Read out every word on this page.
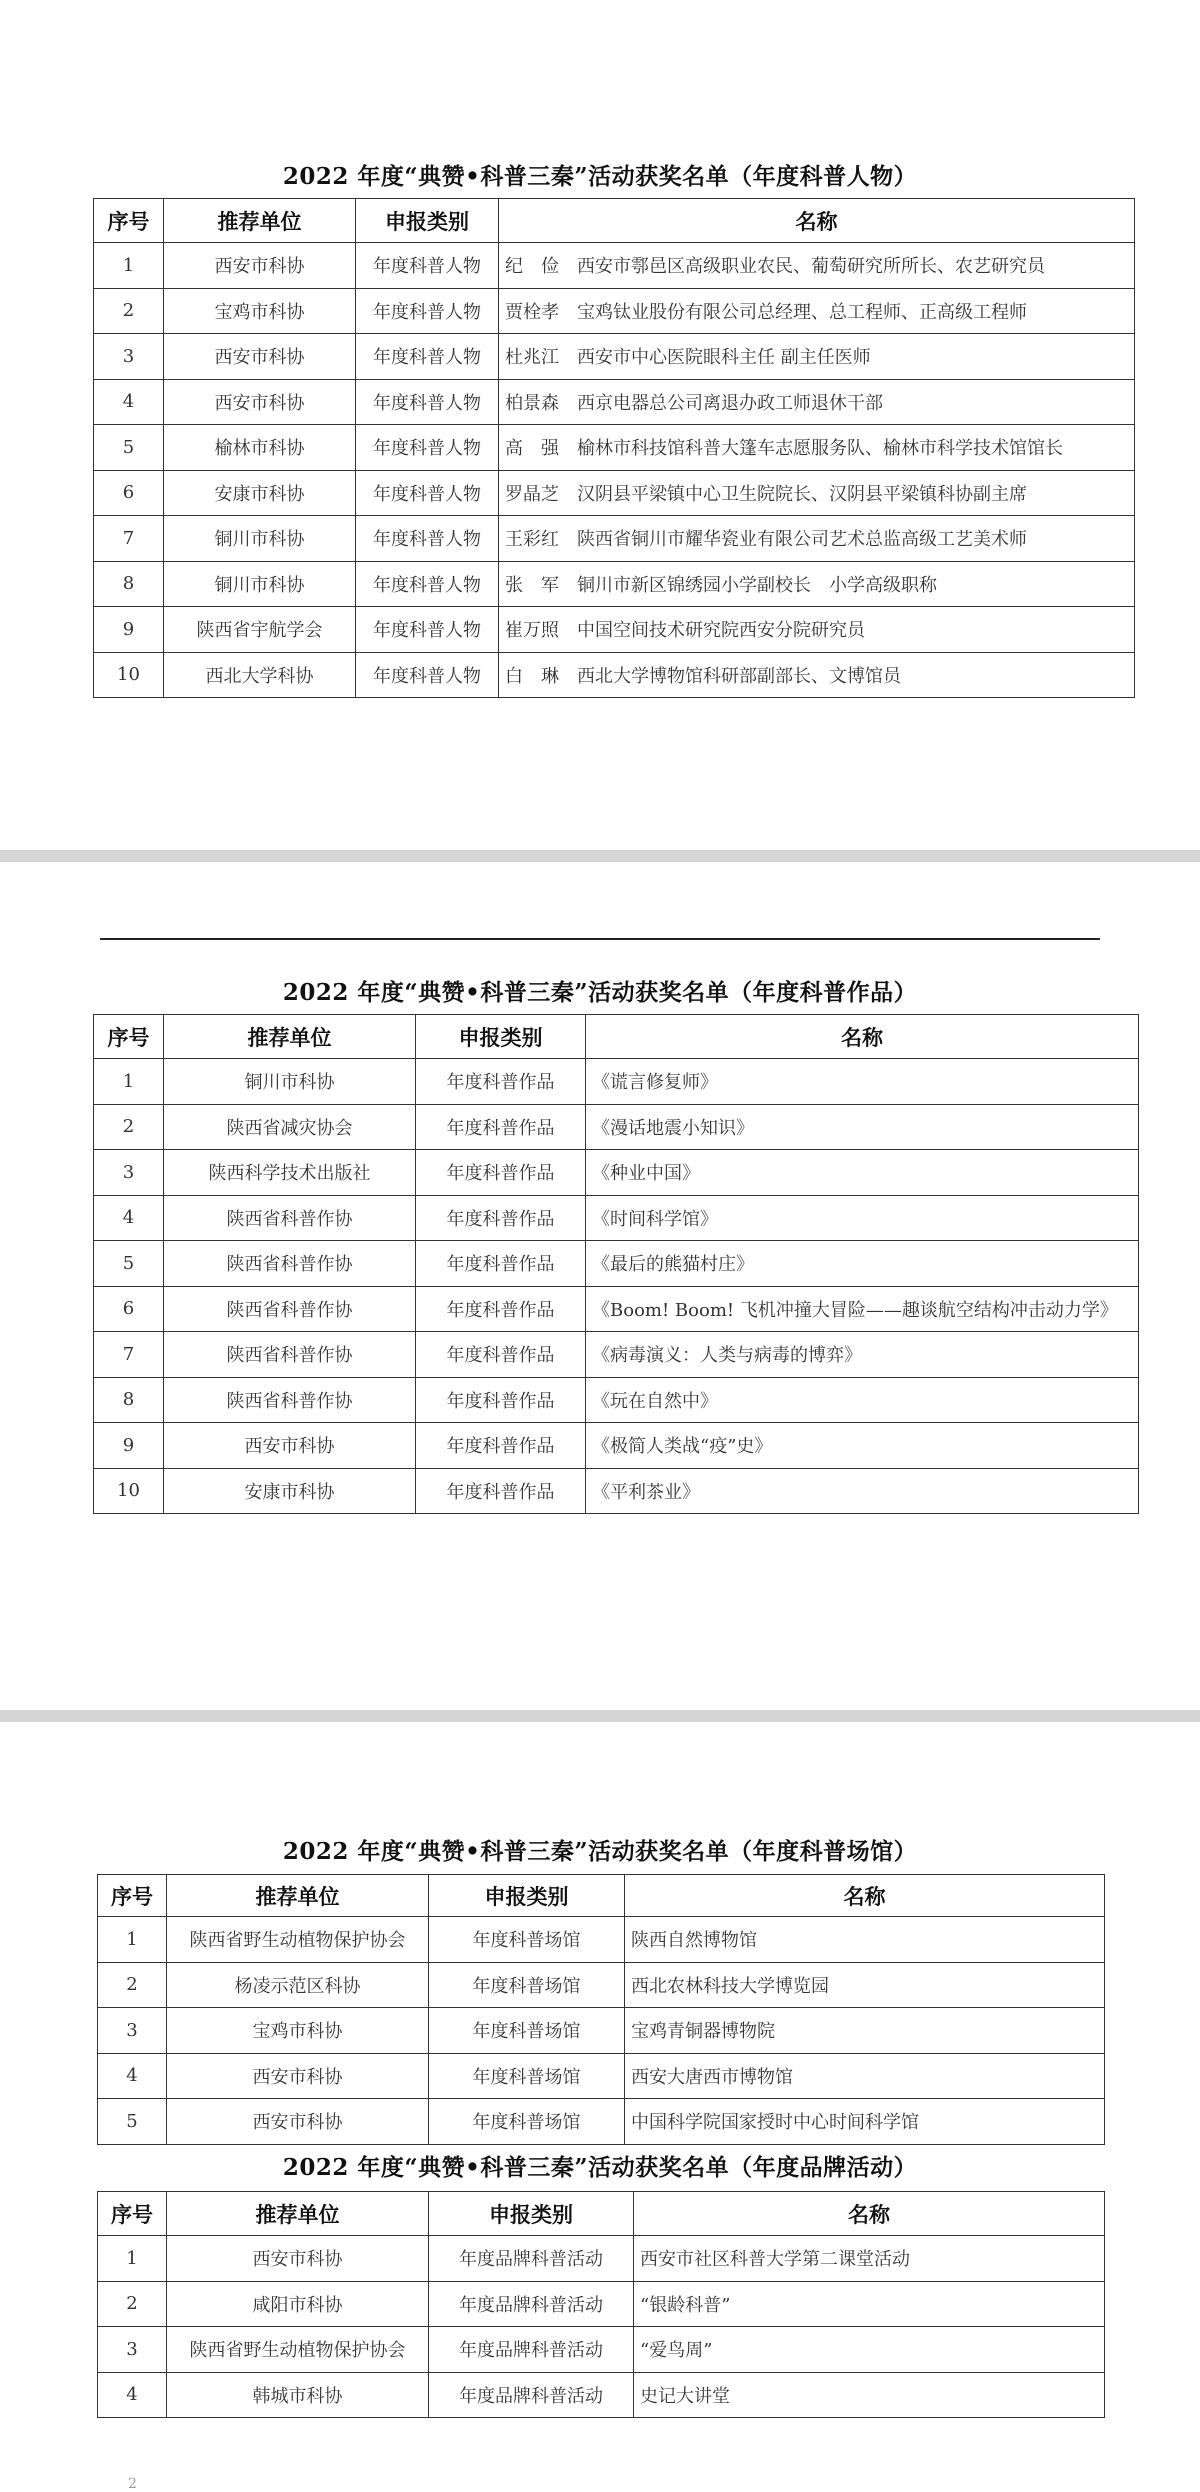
2022 年度“典赞•科普三秦”活动获奖名单（年度科普人物）
序号	推荐单位	申报类别	名称
1	西安市科协	年度科普人物	纪　俭 西安市鄠邑区高级职业农民、葡萄研究所所长、农艺研究员
2	宝鸡市科协	年度科普人物	贾栓孝 宝鸡钛业股份有限公司总经理、总工程师、正高级工程师
3	西安市科协	年度科普人物	杜兆江 西安市中心医院眼科主任 副主任医师
4	西安市科协	年度科普人物	柏景森 西京电器总公司离退办政工师退休干部
5	榆林市科协	年度科普人物	高　强 榆林市科技馆科普大篷车志愿服务队、榆林市科学技术馆馆长
6	安康市科协	年度科普人物	罗晶芝 汉阴县平梁镇中心卫生院院长、汉阴县平梁镇科协副主席
7	铜川市科协	年度科普人物	王彩红 陕西省铜川市耀华瓷业有限公司艺术总监高级工艺美术师
8	铜川市科协	年度科普人物	张　军 铜川市新区锦绣园小学副校长　小学高级职称
9	陕西省宇航学会	年度科普人物	崔万照 中国空间技术研究院西安分院研究员
10	西北大学科协	年度科普人物	白　琳 西北大学博物馆科研部副部长、文博馆员
2022 年度“典赞•科普三秦”活动获奖名单（年度科普作品）
序号	推荐单位	申报类别	名称
1	铜川市科协	年度科普作品	《谎言修复师》
2	陕西省减灾协会	年度科普作品	《漫话地震小知识》
3	陕西科学技术出版社	年度科普作品	《种业中国》
4	陕西省科普作协	年度科普作品	《时间科学馆》
5	陕西省科普作协	年度科普作品	《最后的熊猫村庄》
6	陕西省科普作协	年度科普作品	《Boom! Boom! 飞机冲撞大冒险——趣谈航空结构冲击动力学》
7	陕西省科普作协	年度科普作品	《病毒演义：人类与病毒的博弈》
8	陕西省科普作协	年度科普作品	《玩在自然中》
9	西安市科协	年度科普作品	《极简人类战“疫”史》
10	安康市科协	年度科普作品	《平利茶业》
2022 年度“典赞•科普三秦”活动获奖名单（年度科普场馆）
序号	推荐单位	申报类别	名称
1	陕西省野生动植物保护协会	年度科普场馆	陕西自然博物馆
2	杨凌示范区科协	年度科普场馆	西北农林科技大学博览园
3	宝鸡市科协	年度科普场馆	宝鸡青铜器博物院
4	西安市科协	年度科普场馆	西安大唐西市博物馆
5	西安市科协	年度科普场馆	中国科学院国家授时中心时间科学馆
2022 年度“典赞•科普三秦”活动获奖名单（年度品牌活动）
序号	推荐单位	申报类别	名称
1	西安市科协	年度品牌科普活动	西安市社区科普大学第二课堂活动
2	咸阳市科协	年度品牌科普活动	“银龄科普”
3	陕西省野生动植物保护协会	年度品牌科普活动	“爱鸟周”
4	韩城市科协	年度品牌科普活动	史记大讲堂
2
